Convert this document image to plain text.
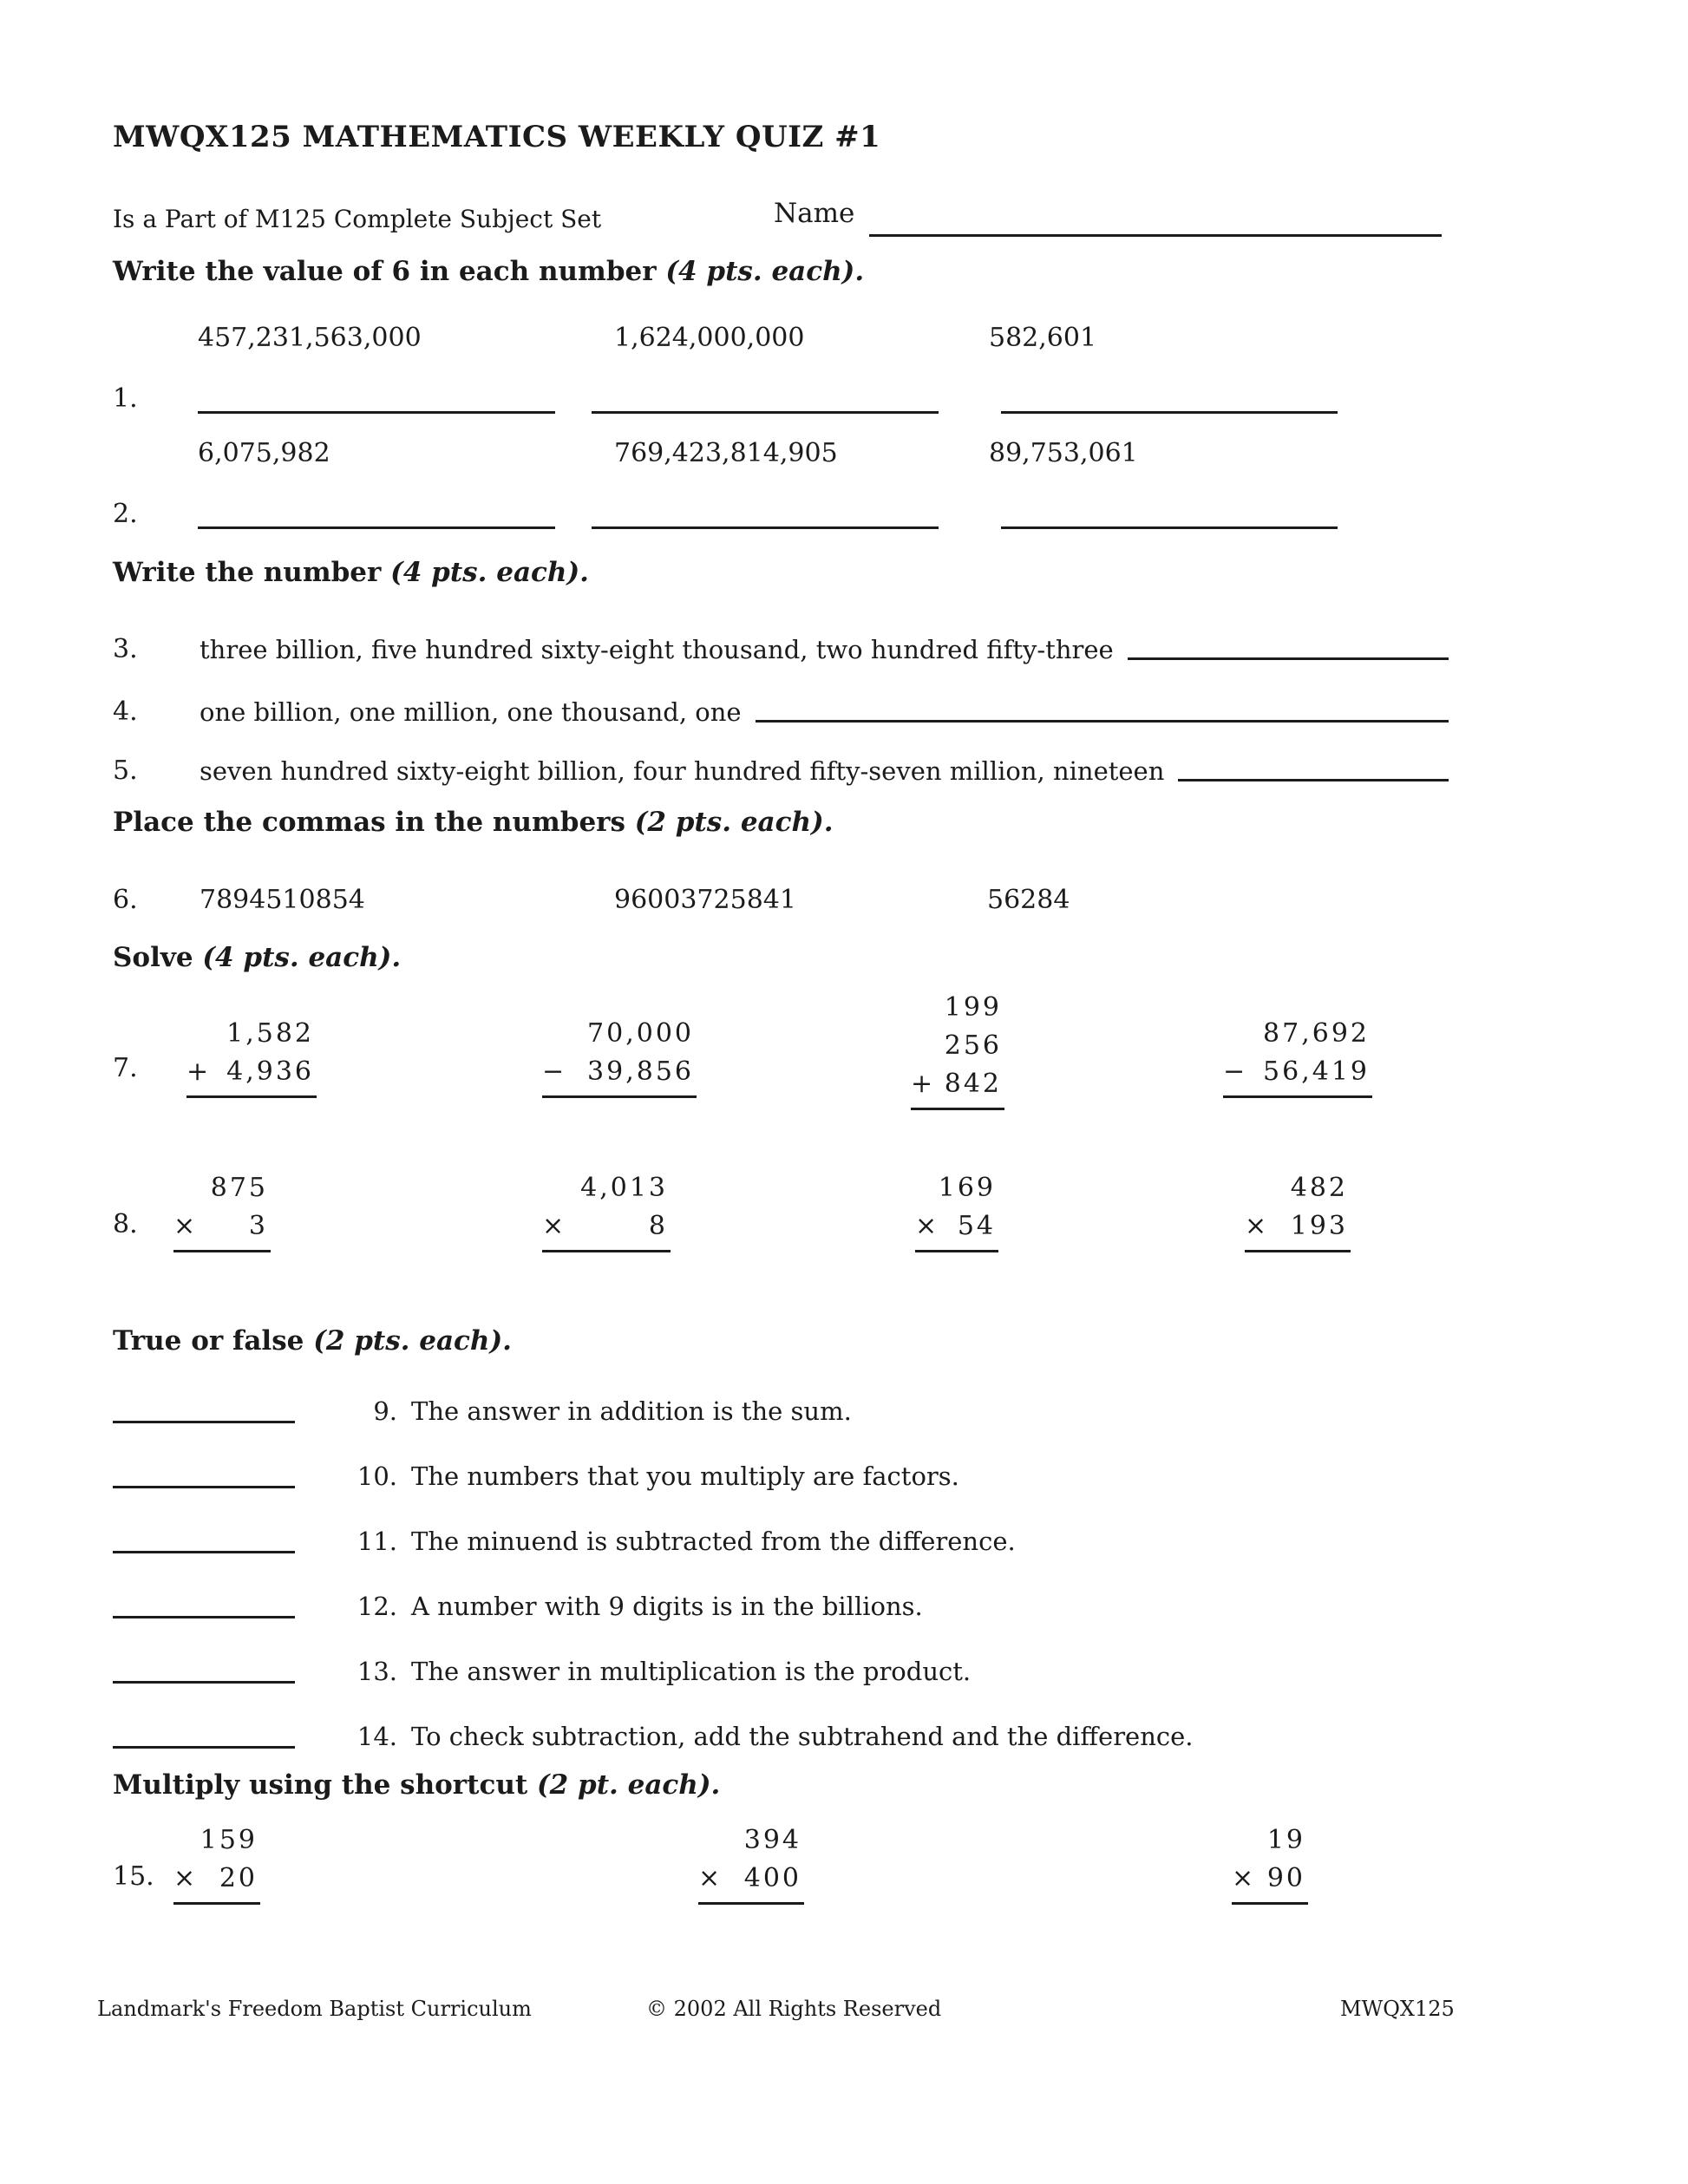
MWQX125 MATHEMATICS WEEKLY QUIZ #1
Is a Part of M125 Complete Subject Set	Name
Write the value of 6 in each number (4 pts. each).
457,231,563,000	1,624,000,000	582,601
1.
6,075,982	769,423,814,905	89,753,061
2.
Write the number (4 pts. each).
3.	three billion, five hundred sixty-eight thousand, two hundred fifty-three
4.	one billion, one million, one thousand, one
5.	seven hundred sixty-eight billion, four hundred fifty-seven million, nineteen
Place the commas in the numbers (2 pts. each).
6. 7894510854	96003725841	56284
Solve (4 pts. each).
7.
1,582
+ 4,936
70,000
− 39,856
199
256
+ 842
87,692
− 56,419
8.
875
× 3
4,013
×	8
169
× 54
482
× 193
True or false (2 pts. each).
9. The answer in addition is the sum.
10. The numbers that you multiply are factors.
11. The minuend is subtracted from the difference.
12. A number with 9 digits is in the billions.
13. The answer in multiplication is the product.
14. To check subtraction, add the subtrahend and the difference.
Multiply using the shortcut (2 pt. each).
15.
159
× 20
394
× 400
19
× 90
Landmark's Freedom Baptist Curriculum	© 2002 All Rights Reserved	MWQX125
